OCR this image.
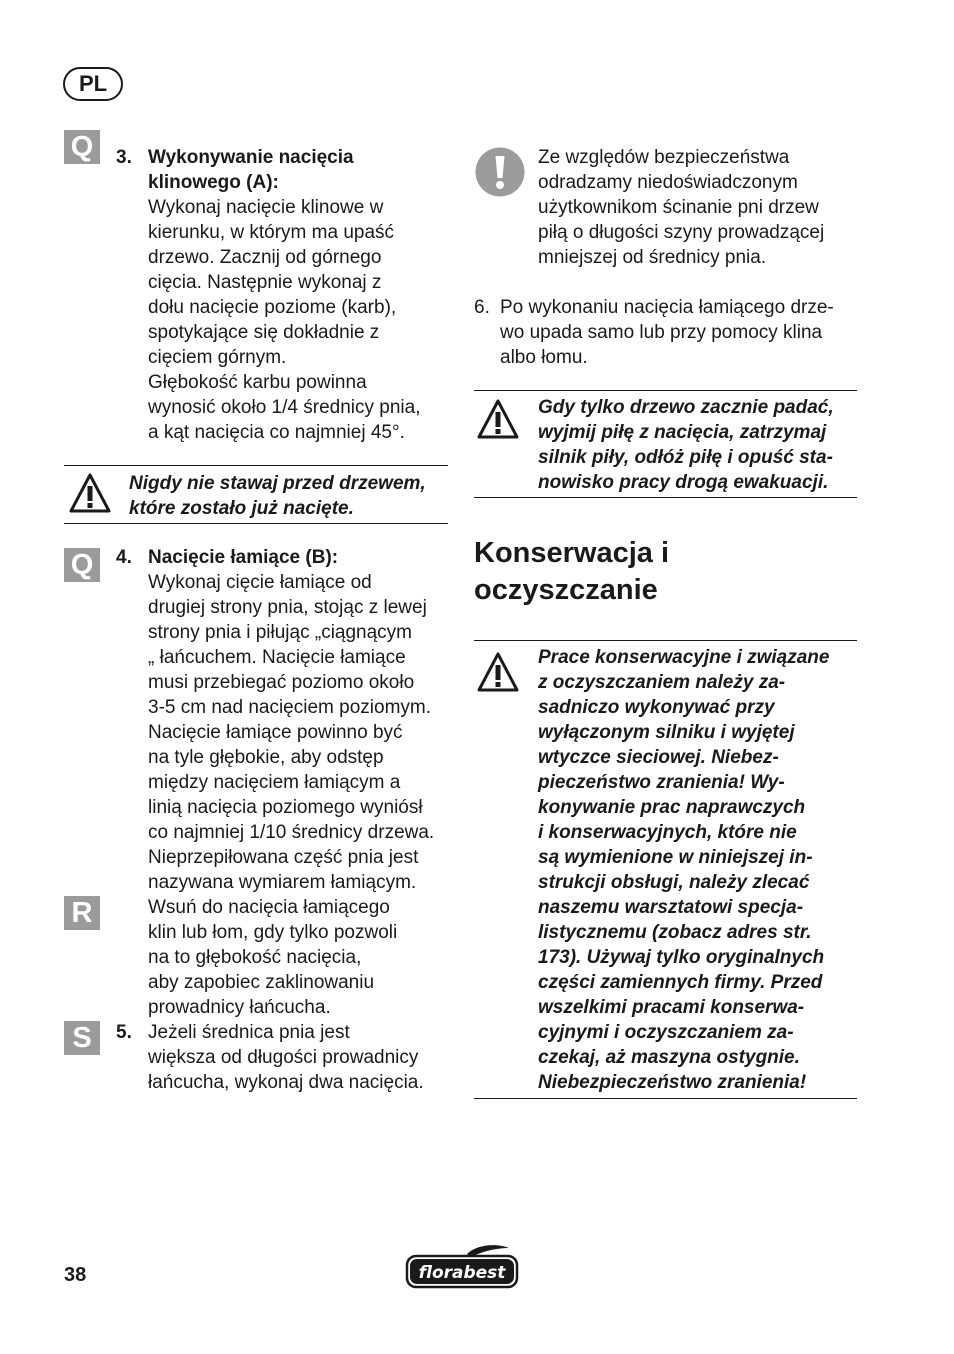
PL
Q
Q
R
S
3. Wykonywanie nacięcia
klinowego (A):
Wykonaj nacięcie klinowe w
kierunku, w którym ma upaść
drzewo. Zacznij od górnego
cięcia. Następnie wykonaj z
dołu nacięcie poziome (karb),
spotykające się dokładnie z
cięciem górnym.
Głębokość karbu powinna
wynosić około 1/4 średnicy pnia,
a kąt nacięcia co najmniej 45°.
Nigdy nie stawaj przed drzewem,
które zostało już nacięte.
4. Nacięcie łamiące (B):
Wykonaj cięcie łamiące od
drugiej strony pnia, stojąc z lewej
strony pnia i piłując „ciągnącym
„ łańcuchem. Nacięcie łamiące
musi przebiegać poziomo około
3-5 cm nad nacięciem poziomym.
Nacięcie łamiące powinno być
na tyle głębokie, aby odstęp
między nacięciem łamiącym a
linią nacięcia poziomego wyniósł
co najmniej 1/10 średnicy drzewa.
Nieprzepiłowana część pnia jest
nazywana wymiarem łamiącym.
Wsuń do nacięcia łamiącego
klin lub łom, gdy tylko pozwoli
na to głębokość nacięcia,
aby zapobiec zaklinowaniu
prowadnicy łańcucha.
5. Jeżeli średnica pnia jest
większa od długości prowadnicy
łańcucha, wykonaj dwa nacięcia.
Ze względów bezpieczeństwa
odradzamy niedoświadczonym
użytkownikom ścinanie pni drzew
piłą o długości szyny prowadzącej
mniejszej od średnicy pnia.
6. Po wykonaniu nacięcia łamiącego drze-
wo upada samo lub przy pomocy klina
albo łomu.
Gdy tylko drzewo zacznie padać,
wyjmij piłę z nacięcia, zatrzymaj
silnik piły, odłóż piłę i opuść sta-
nowisko pracy drogą ewakuacji.
Konserwacja i
oczyszczanie
Prace konserwacyjne i związane
z oczyszczaniem należy za-
sadniczo wykonywać przy
wyłączonym silniku i wyjętej
wtyczce sieciowej. Niebez-
pieczeństwo zranienia! Wy-
konywanie prac naprawczych
i konserwacyjnych, które nie
są wymienione w niniejszej in-
strukcji obsługi, należy zlecać
naszemu warsztatowi specja-
listycznemu (zobacz adres str.
173). Używaj tylko oryginalnych
części zamiennych firmy. Przed
wszelkimi pracami konserwa-
cyjnymi i oczyszczaniem za-
czekaj, aż maszyna ostygnie.
Niebezpieczeństwo zranienia!
38	florabest
